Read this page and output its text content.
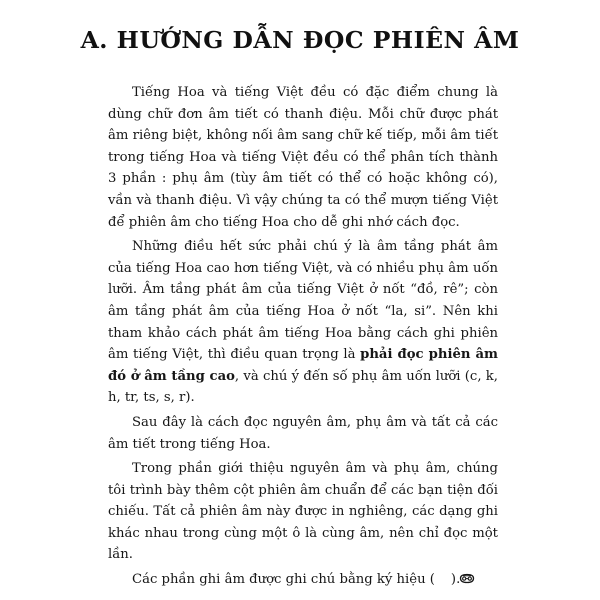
A. HƯỚNG DẪN ĐỌC PHIÊN ÂM

Tiếng Hoa và tiếng Việt đều có đặc điểm chung là dùng chữ đơn âm tiết có thanh điệu. Mỗi chữ được phát âm riêng biệt, không nối âm sang chữ kế tiếp, mỗi âm tiết trong tiếng Hoa và tiếng Việt đều có thể phân tích thành 3 phần : phụ âm (tùy âm tiết có thể có hoặc không có), vần và thanh điệu. Vì vậy chúng ta có thể mượn tiếng Việt để phiên âm cho tiếng Hoa cho dễ ghi nhớ cách đọc.

Những điều hết sức phải chú ý là âm tầng phát âm của tiếng Hoa cao hơn tiếng Việt, và có nhiều phụ âm uốn lưỡi. Âm tầng phát âm của tiếng Việt ở nốt “đồ, rê”; còn âm tầng phát âm của tiếng Hoa ở nốt “la, si”. Nên khi tham khảo cách phát âm tiếng Hoa bằng cách ghi phiên âm tiếng Việt, thì điều quan trọng là phải đọc phiên âm đó ở âm tầng cao, và chú ý đến số phụ âm uốn lưỡi (c, k, h, tr, ts, s, r).

Sau đây là cách đọc nguyên âm, phụ âm và tất cả các âm tiết trong tiếng Hoa.

Trong phần giới thiệu nguyên âm và phụ âm, chúng tôi trình bày thêm cột phiên âm chuẩn để các bạn tiện đối chiếu. Tất cả phiên âm này được in nghiêng, các dạng ghi khác nhau trong cùng một ô là cùng âm, nên chỉ đọc một lần.

Các phần ghi âm được ghi chú bằng ký hiệu ( ).
